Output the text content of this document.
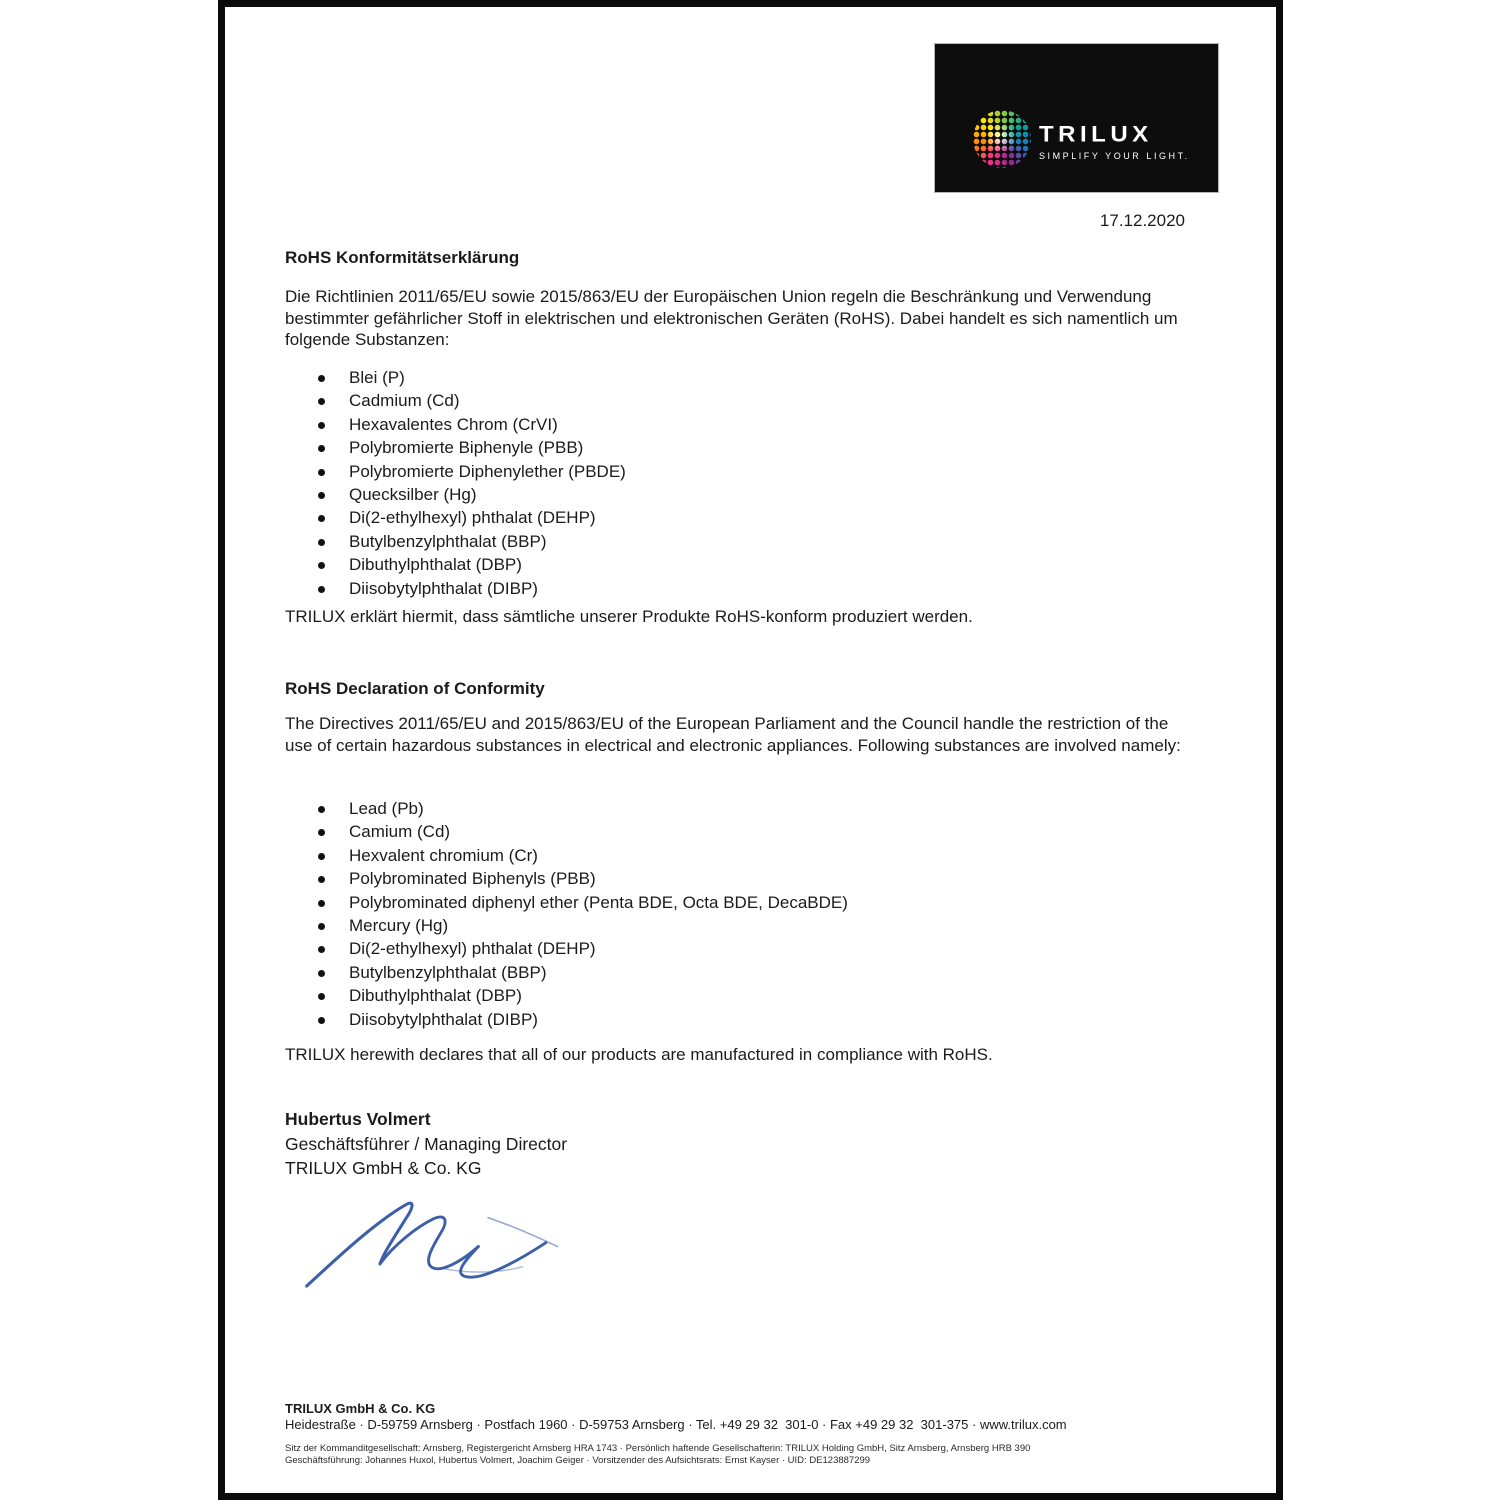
TRILUX
SIMPLIFY YOUR LIGHT.
17.12.2020
RoHS Konformitätserklärung
Die Richtlinien 2011/65/EU sowie 2015/863/EU der Europäischen Union regeln die Beschränkung und Verwendung bestimmter gefährlicher Stoff in elektrischen und elektronischen Geräten (RoHS). Dabei handelt es sich namentlich um folgende Substanzen:
Blei (P)
Cadmium (Cd)
Hexavalentes Chrom (CrVI)
Polybromierte Biphenyle (PBB)
Polybromierte Diphenylether (PBDE)
Quecksilber (Hg)
Di(2-ethylhexyl) phthalat (DEHP)
Butylbenzylphthalat (BBP)
Dibuthylphthalat (DBP)
Diisobytylphthalat (DIBP)
TRILUX erklärt hiermit, dass sämtliche unserer Produkte RoHS-konform produziert werden.
RoHS Declaration of Conformity
The Directives 2011/65/EU and 2015/863/EU of the European Parliament and the Council handle the restriction of the use of certain hazardous substances in electrical and electronic appliances. Following substances are involved namely:
Lead (Pb)
Camium (Cd)
Hexvalent chromium (Cr)
Polybrominated Biphenyls (PBB)
Polybrominated diphenyl ether (Penta BDE, Octa BDE, DecaBDE)
Mercury (Hg)
Di(2-ethylhexyl) phthalat (DEHP)
Butylbenzylphthalat (BBP)
Dibuthylphthalat (DBP)
Diisobytylphthalat (DIBP)
TRILUX herewith declares that all of our products are manufactured in compliance with RoHS.
Hubertus Volmert
Geschäftsführer / Managing Director
TRILUX GmbH & Co. KG
TRILUX GmbH & Co. KG
Heidestraße · D-59759 Arnsberg · Postfach 1960 · D-59753 Arnsberg · Tel. +49 29 32  301-0 · Fax +49 29 32  301-375 · www.trilux.com
Sitz der Kommanditgesellschaft: Arnsberg, Registergericht Arnsberg HRA 1743 · Persönlich haftende Gesellschafterin: TRILUX Holding GmbH, Sitz Arnsberg, Arnsberg HRB 390
Geschäftsführung: Johannes Huxol, Hubertus Volmert, Joachim Geiger · Vorsitzender des Aufsichtsrats: Ernst Kayser · UID: DE123887299
